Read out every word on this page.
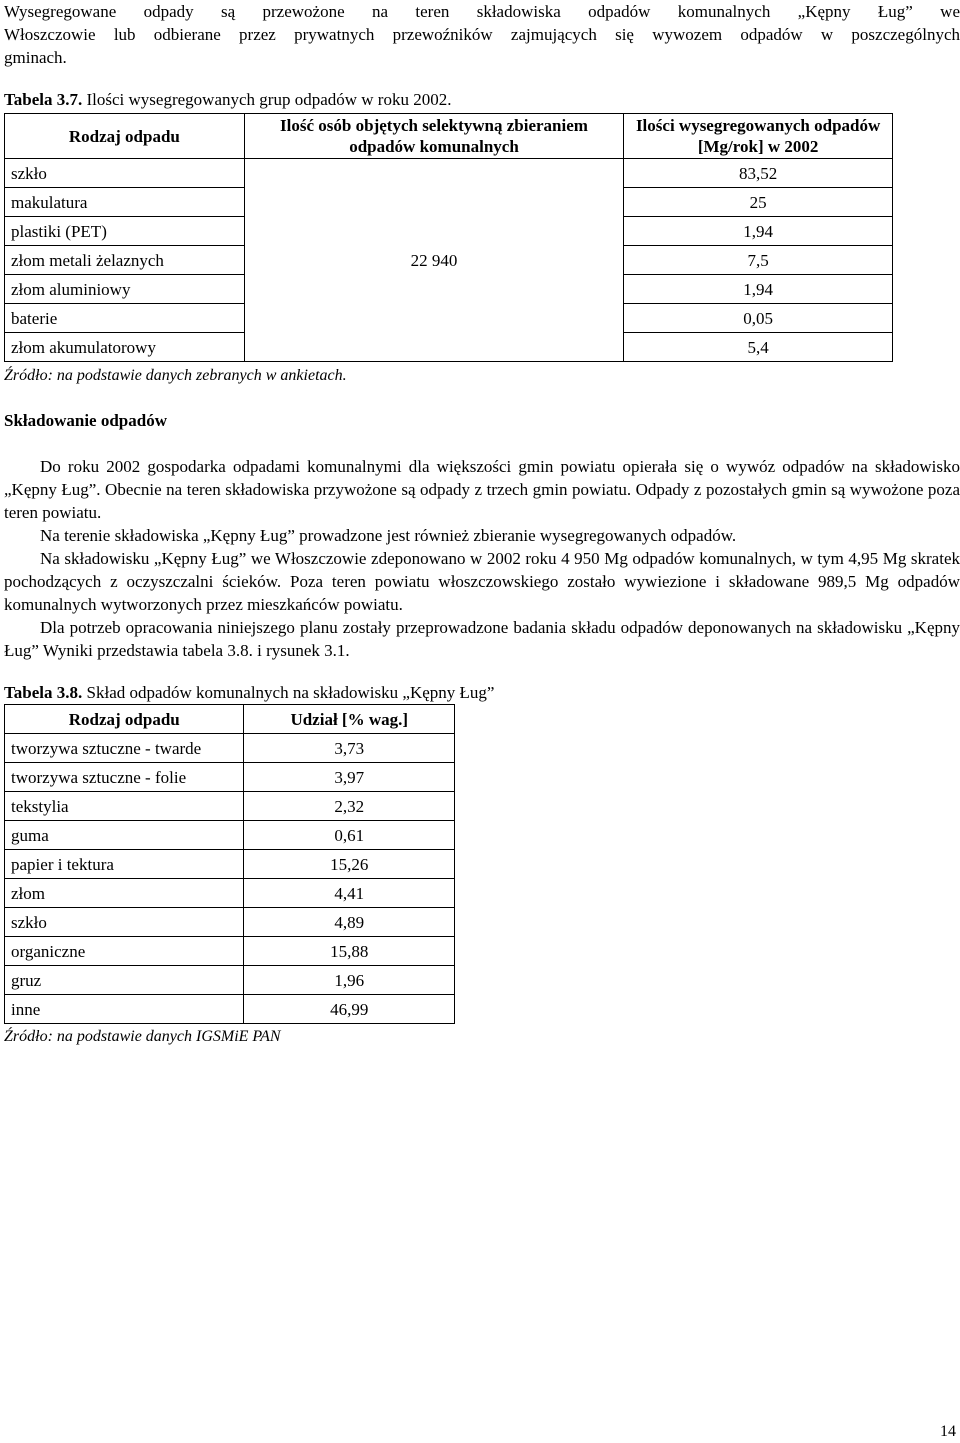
Wysegregowane odpady są przewożone na teren składowiska odpadów komunalnych „Kępny Ług” we
Włoszczowie lub odbierane przez prywatnych przewoźników zajmujących się wywozem odpadów w poszczególnych
gminach.
Tabela 3.7. Ilości wysegregowanych grup odpadów w roku 2002.
Rodzaj odpadu	Ilość osób objętych selektywną zbieraniem odpadów komunalnych	Ilości wysegregowanych odpadów [Mg/rok] w 2002
szkło	22 940	83,52
makulatura		25
plastiki (PET)		1,94
złom metali żelaznych		7,5
złom aluminiowy		1,94
baterie		0,05
złom akumulatorowy		5,4
Źródło: na podstawie danych zebranych w ankietach.
Składowanie odpadów

Do roku 2002 gospodarka odpadami komunalnymi dla większości gmin powiatu opierała się o wywóz odpadów na składowisko „Kępny Ług”. Obecnie na teren składowiska przywożone są odpady z trzech gmin powiatu. Odpady z pozostałych gmin są wywożone poza teren powiatu.

Na terenie składowiska „Kępny Ług” prowadzone jest również zbieranie wysegregowanych odpadów.

Na składowisku „Kępny Ług” we Włoszczowie zdeponowano w 2002 roku 4 950 Mg odpadów komunalnych, w tym 4,95 Mg skratek pochodzących z oczyszczalni ścieków. Poza teren powiatu włoszczowskiego zostało wywiezione i składowane 989,5 Mg odpadów komunalnych wytworzonych przez mieszkańców powiatu.

Dla potrzeb opracowania niniejszego planu zostały przeprowadzone badania składu odpadów deponowanych na składowisku „Kępny Ług” Wyniki przedstawia tabela 3.8. i rysunek 3.1.

Tabela 3.8. Skład odpadów komunalnych na składowisku „Kępny Ług”
Rodzaj odpadu	Udział [% wag.]
tworzywa sztuczne - twarde	3,73
tworzywa sztuczne - folie	3,97
tekstylia	2,32
guma	0,61
papier i tektura	15,26
złom	4,41
szkło	4,89
organiczne	15,88
gruz	1,96
inne	46,99
Źródło: na podstawie danych IGSMiE PAN
14
